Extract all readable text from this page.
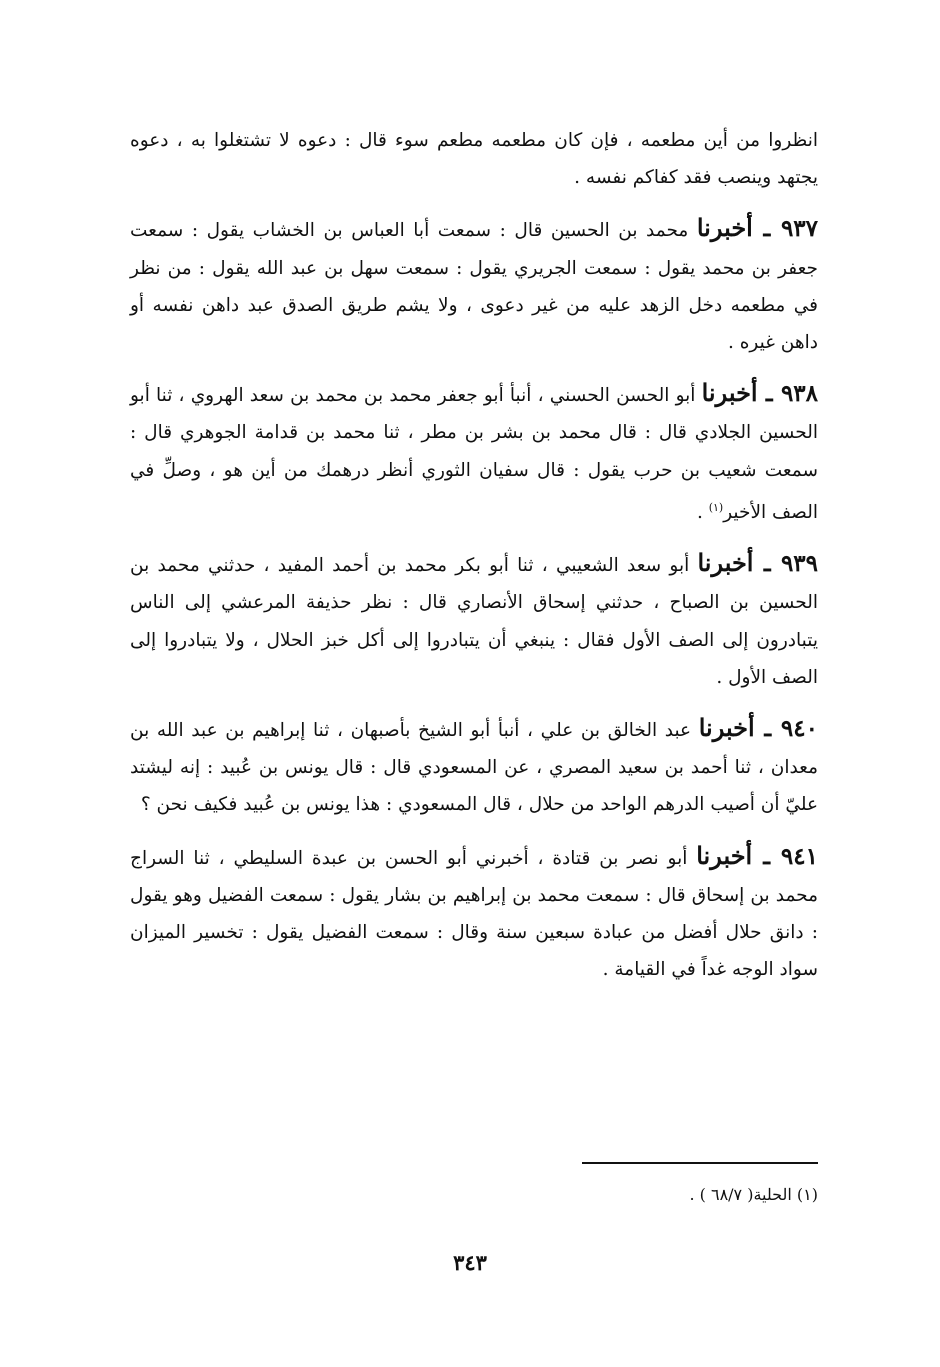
انظروا من أين مطعمه ، فإن كان مطعمه مطعم سوء قال : دعوه لا تشتغلوا به ، دعوه يجتهد وينصب فقد كفاكم نفسه .

٩٣٧ ـ أخبرنا محمد بن الحسين قال : سمعت أبا العباس بن الخشاب يقول : سمعت جعفر بن محمد يقول : سمعت الجريري يقول : سمعت سهل بن عبد الله يقول : من نظر في مطعمه دخل الزهد عليه من غير دعوى ، ولا يشم طريق الصدق عبد داهن نفسه أو داهن غيره .

٩٣٨ ـ أخبرنا أبو الحسن الحسني ، أنبأ أبو جعفر محمد بن محمد بن سعد الهروي ، ثنا أبو الحسين الجلادي قال : قال محمد بن بشر بن مطر ، ثنا محمد بن قدامة الجوهري قال : سمعت شعيب بن حرب يقول : قال سفيان الثوري أنظر درهمك من أين هو ، وصلِّ في الصف الأخير$^{(١)}$ .

٩٣٩ ـ أخبرنا أبو سعد الشعيبي ، ثنا أبو بكر محمد بن أحمد المفيد ، حدثني محمد بن الحسين بن الصباح ، حدثني إسحاق الأنصاري قال : نظر حذيفة المرعشي إلى الناس يتبادرون إلى الصف الأول فقال : ينبغي أن يتبادروا إلى أكل خبز الحلال ، ولا يتبادروا إلى الصف الأول .

٩٤٠ ـ أخبرنا عبد الخالق بن علي ، أنبأ أبو الشيخ بأصبهان ، ثنا إبراهيم بن عبد الله بن معدان ، ثنا أحمد بن سعيد المصري ، عن المسعودي قال : قال يونس بن عُبيد : إنه ليشتد عليّ أن أصيب الدرهم الواحد من حلال ، قال المسعودي : هذا يونس بن عُبيد فكيف نحن ؟

٩٤١ ـ أخبرنا أبو نصر بن قتادة ، أخبرني أبو الحسن بن عبدة السليطي ، ثنا السراج محمد بن إسحاق قال : سمعت محمد بن إبراهيم بن بشار يقول : سمعت الفضيل وهو يقول : دانق حلال أفضل من عبادة سبعين سنة وقال : سمعت الفضيل يقول : تخسير الميزان سواد الوجه غداً في القيامة .

(١) الحلية( ٦٨/٧ ) .
٣٤٣
